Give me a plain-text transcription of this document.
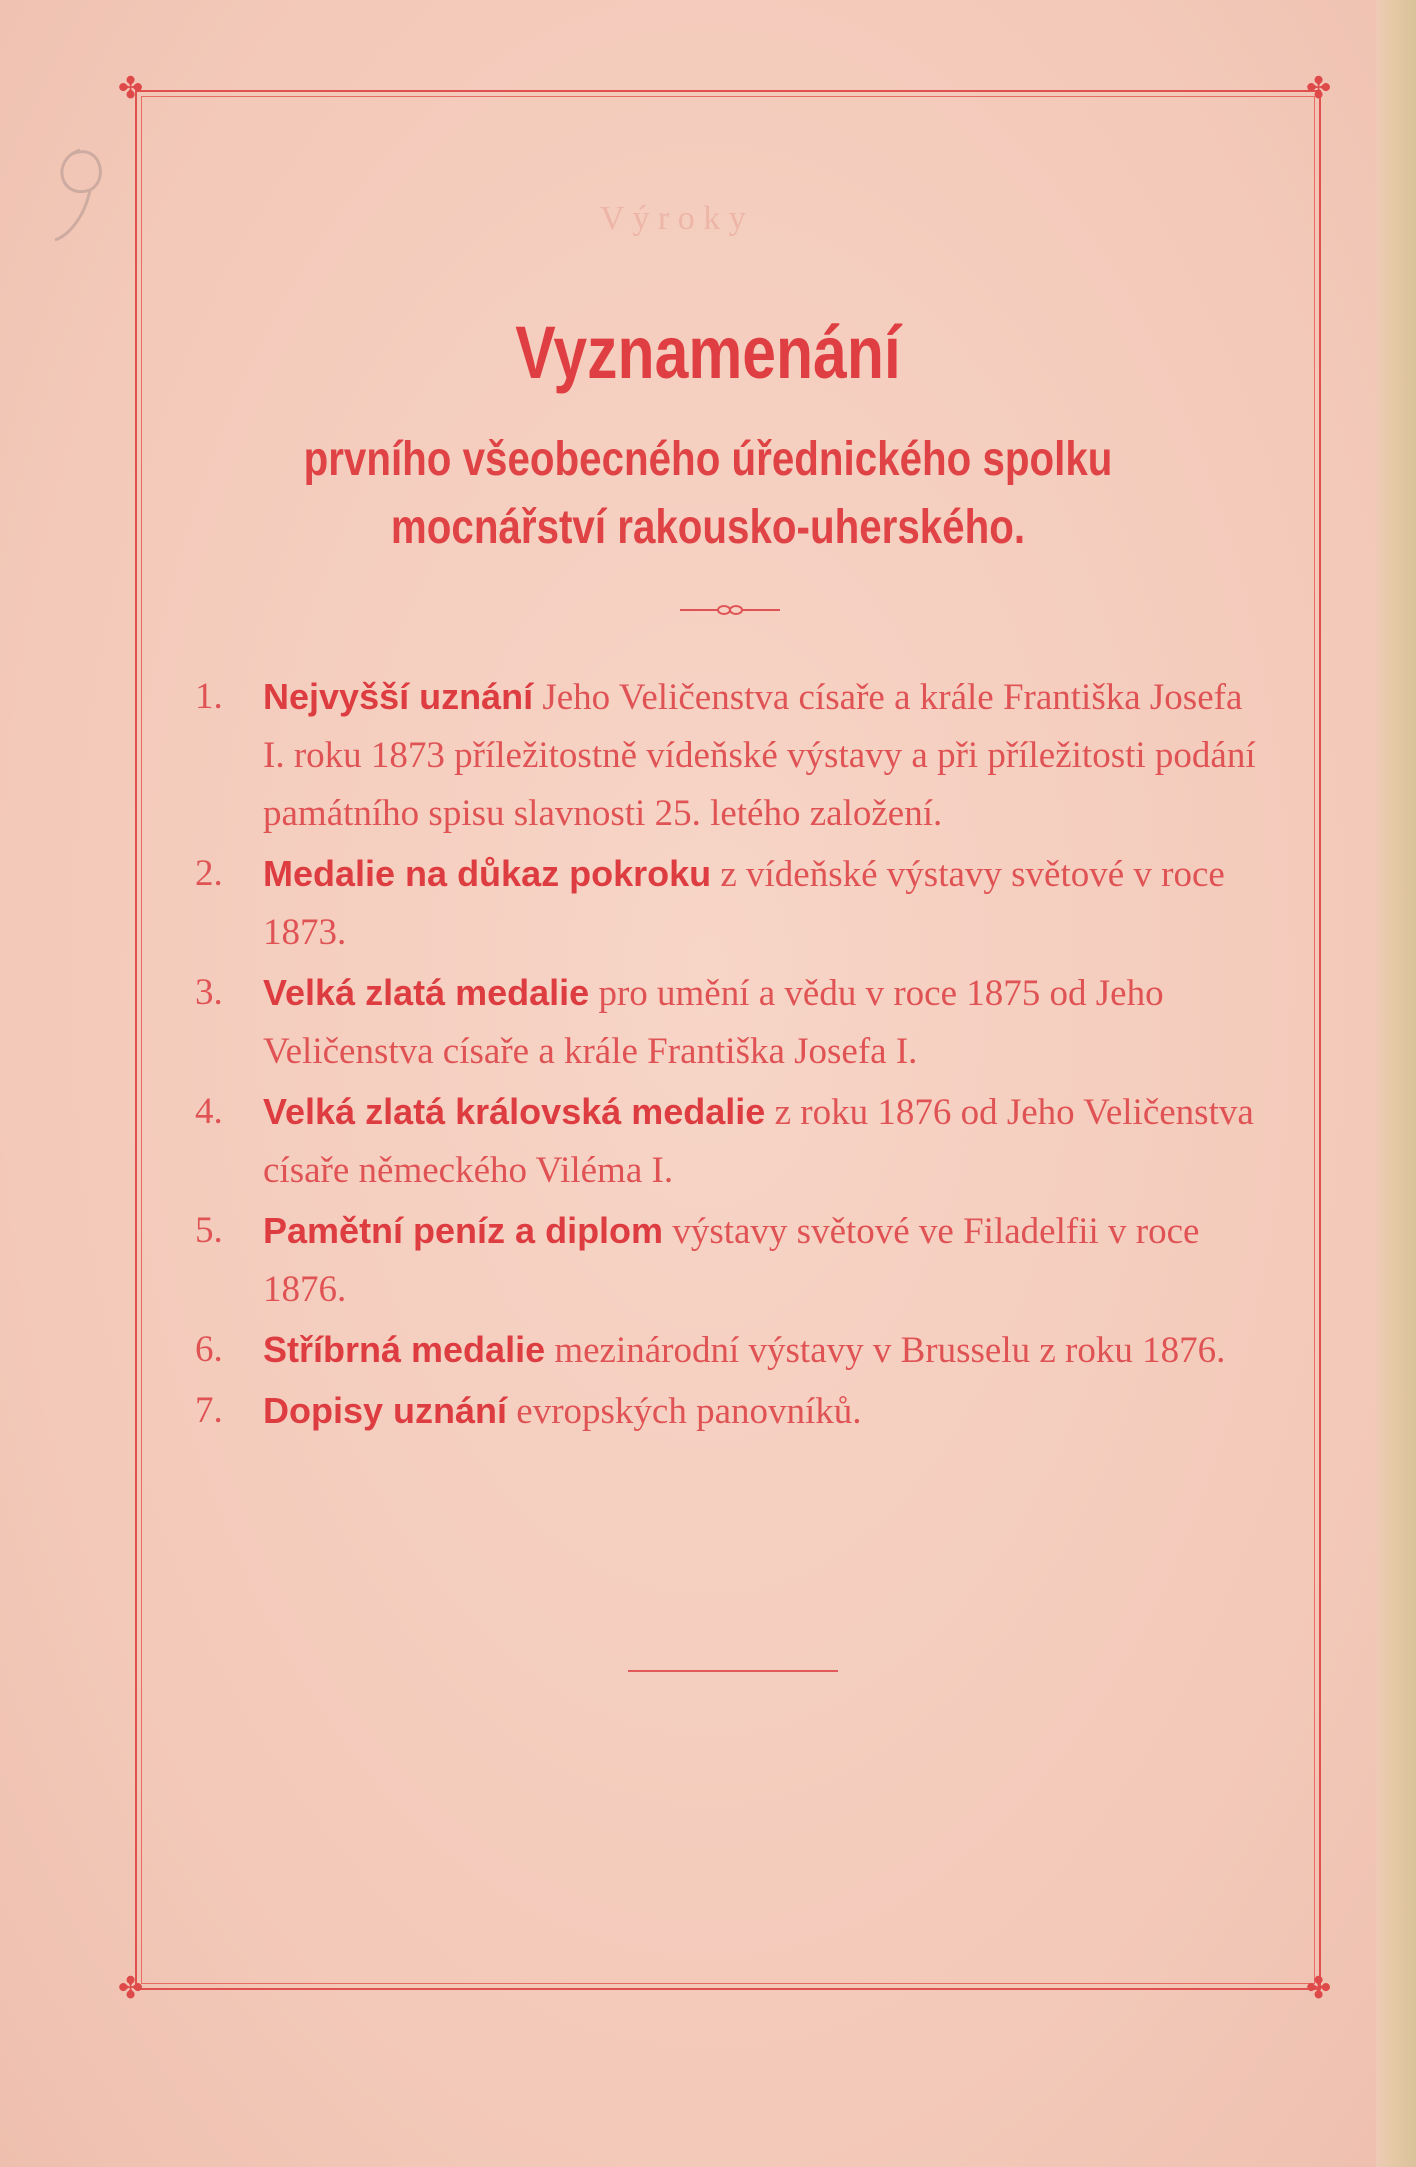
✤	✤
✤	✤
V ý r o k y
Vyznamenání
prvního všeobecného úřednického spolku
mocnářství rakousko-uherského.
1.	Nejvyšší uznání Jeho Veličenstva císaře a krále Františka Josefa I. roku 1873 příležitostně vídeňské výstavy a při příležitosti podání památního spisu slavnosti 25. letého založení.
2.	Medalie na důkaz pokroku z vídeňské výstavy světové v roce 1873.
3.	Velká zlatá medalie pro umění a vědu v roce 1875 od Jeho Veličenstva císaře a krále Františka Josefa I.
4.	Velká zlatá královská medalie z roku 1876 od Jeho Veličenstva císaře německého Viléma I.
5.	Pamětní peníz a diplom výstavy světové ve Filadelfii v roce 1876.
6.	Stříbrná medalie mezinárodní výstavy v Brusselu z roku 1876.
7.	Dopisy uznání evropských panovníků.
